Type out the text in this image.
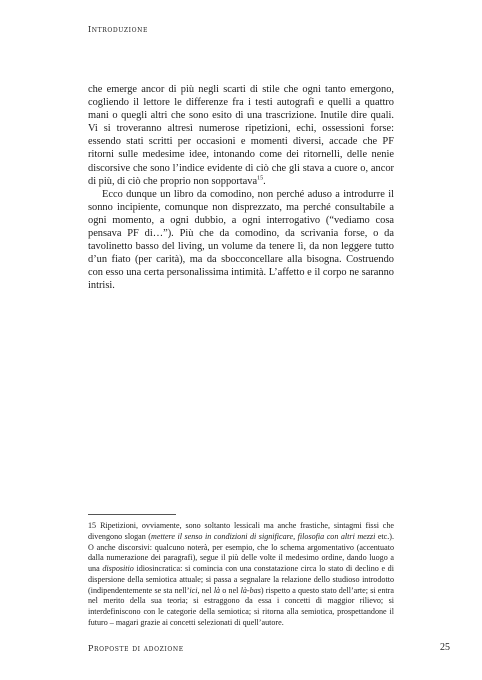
Introduzione

che emerge ancor di più negli scarti di stile che ogni tanto emergono, cogliendo il lettore le differenze fra i testi autografi e quelli a quattro mani o quegli altri che sono esito di una trascrizione. Inutile dire quali. Vi si troveranno altresì numerose ripetizioni, echi, ossessioni forse: essendo stati scritti per occasioni e momenti diversi, accade che PF ritorni sulle medesime idee, intonando come dei ritornelli, delle nenie discorsive che sono l’indice evidente di ciò che gli stava a cuore o, ancor di più, di ciò che proprio non sopportava$^{15}$.

Ecco dunque un libro da comodino, non perché aduso a introdurre il sonno incipiente, comunque non disprezzato, ma perché consultabile a ogni momento, a ogni dubbio, a ogni interrogativo (“vediamo cosa pensava PF di…”). Più che da comodino, da scrivania forse, o da tavolinetto basso del living, un volume da tenere lì, da non leggere tutto d’un fiato (per carità), ma da sbocconcellare alla bisogna. Costruendo con esso una certa personalissima intimità. L’affetto e il corpo ne saranno intrisi.

15 Ripetizioni, ovviamente, sono soltanto lessicali ma anche frastiche, sintagmi fissi che divengono slogan (mettere il senso in condizioni di significare, filosofia con altri mezzi etc.). O anche discorsivi: qualcuno noterà, per esempio, che lo schema argomentativo (accentuato dalla numerazione dei paragrafi), segue il più delle volte il medesimo ordine, dando luogo a una dispositio idiosincratica: si comincia con una constatazione circa lo stato di declino e di dispersione della semiotica attuale; si passa a segnalare la relazione dello studioso introdotto (indipendentemente se sta nell’ici, nel là o nel là-bas) rispetto a questo stato dell’arte; si entra nel merito della sua teoria; si estraggono da essa i concetti di maggior rilievo; si interdefiniscono con le categorie della semiotica; si ritorna alla semiotica, prospettandone il futuro – magari grazie ai concetti selezionati di quell’autore.
Proposte di adozione	25
